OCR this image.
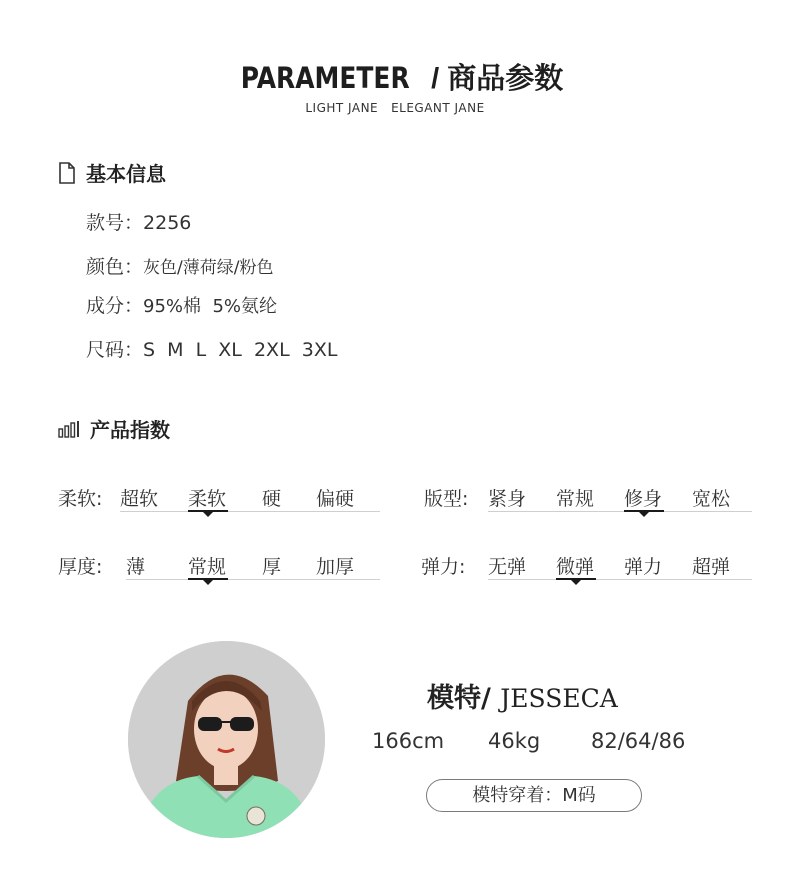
PARAMETER / 商品参数
LIGHT JANE   ELEGANT JANE
基本信息
款号：2256
颜色：灰色/薄荷绿/粉色
成分：95%棉  5%氨纶
尺码：S  M  L  XL  2XL  3XL
产品指数
柔软: 超软 柔软 硬 偏硬	版型: 紧身 常规 修身 宽松
厚度: 薄 常规 厚 加厚	弹力: 无弹 微弹 弹力 超弹
模特/ JESSECA
166cm 46kg 82/64/86
模特穿着：M码
